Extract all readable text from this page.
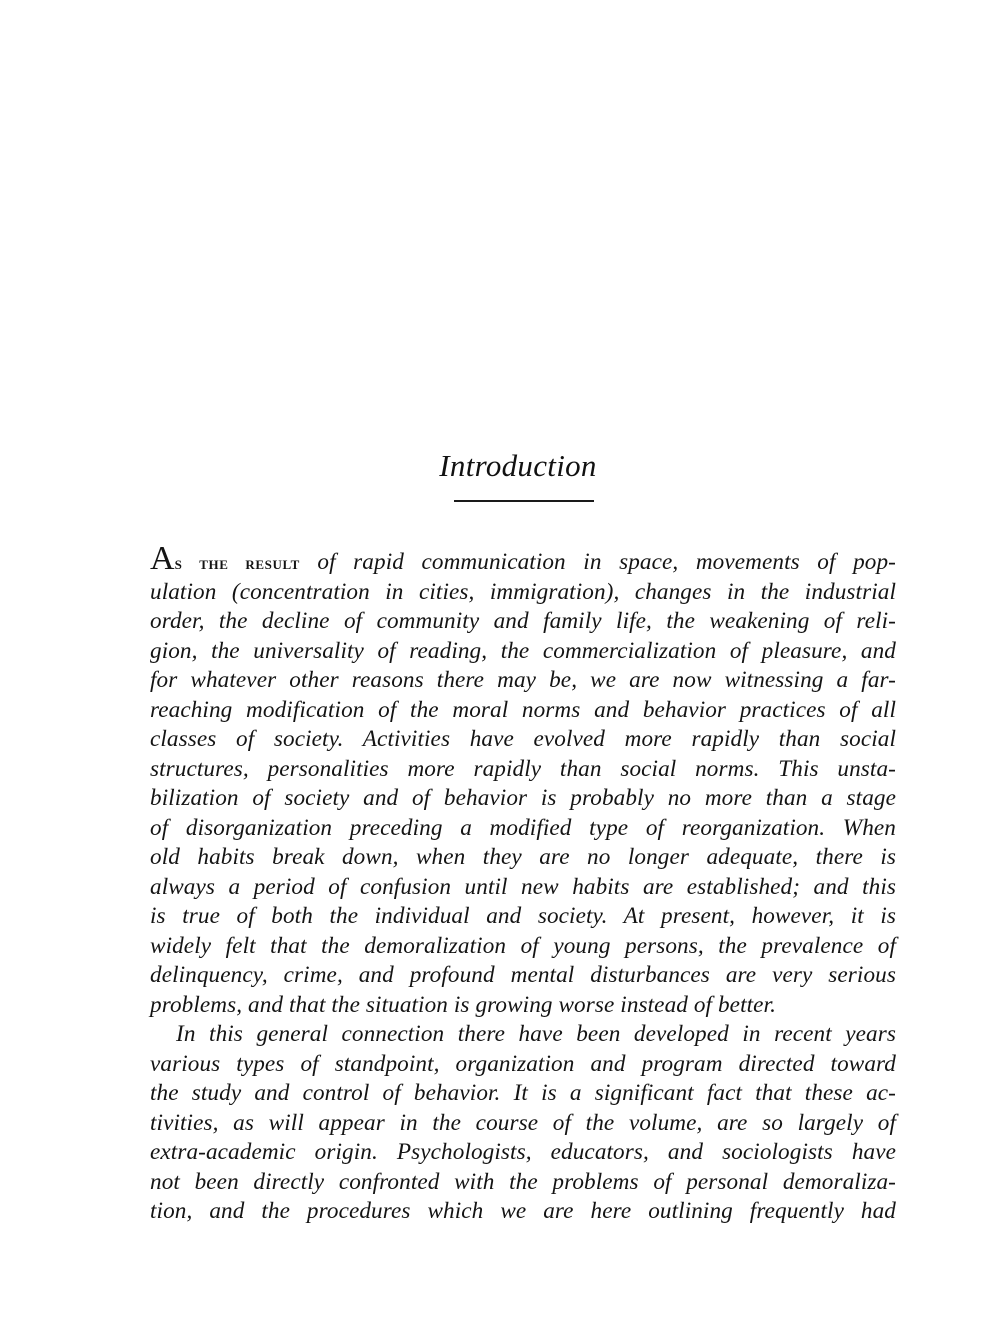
Introduction
As the result of rapid communication in space, movements of pop-
ulation (concentration in cities, immigration), changes in the industrial
order, the decline of community and family life, the weakening of reli-
gion, the universality of reading, the commercialization of pleasure, and
for whatever other reasons there may be, we are now witnessing a far-
reaching modification of the moral norms and behavior practices of all
classes of society. Activities have evolved more rapidly than social
structures, personalities more rapidly than social norms. This unsta-
bilization of society and of behavior is probably no more than a stage
of disorganization preceding a modified type of reorganization. When
old habits break down, when they are no longer adequate, there is
always a period of confusion until new habits are established; and this
is true of both the individual and society. At present, however, it is
widely felt that the demoralization of young persons, the prevalence of
delinquency, crime, and profound mental disturbances are very serious
problems, and that the situation is growing worse instead of better.
In this general connection there have been developed in recent years
various types of standpoint, organization and program directed toward
the study and control of behavior. It is a significant fact that these ac-
tivities, as will appear in the course of the volume, are so largely of
extra-academic origin. Psychologists, educators, and sociologists have
not been directly confronted with the problems of personal demoraliza-
tion, and the procedures which we are here outlining frequently had
